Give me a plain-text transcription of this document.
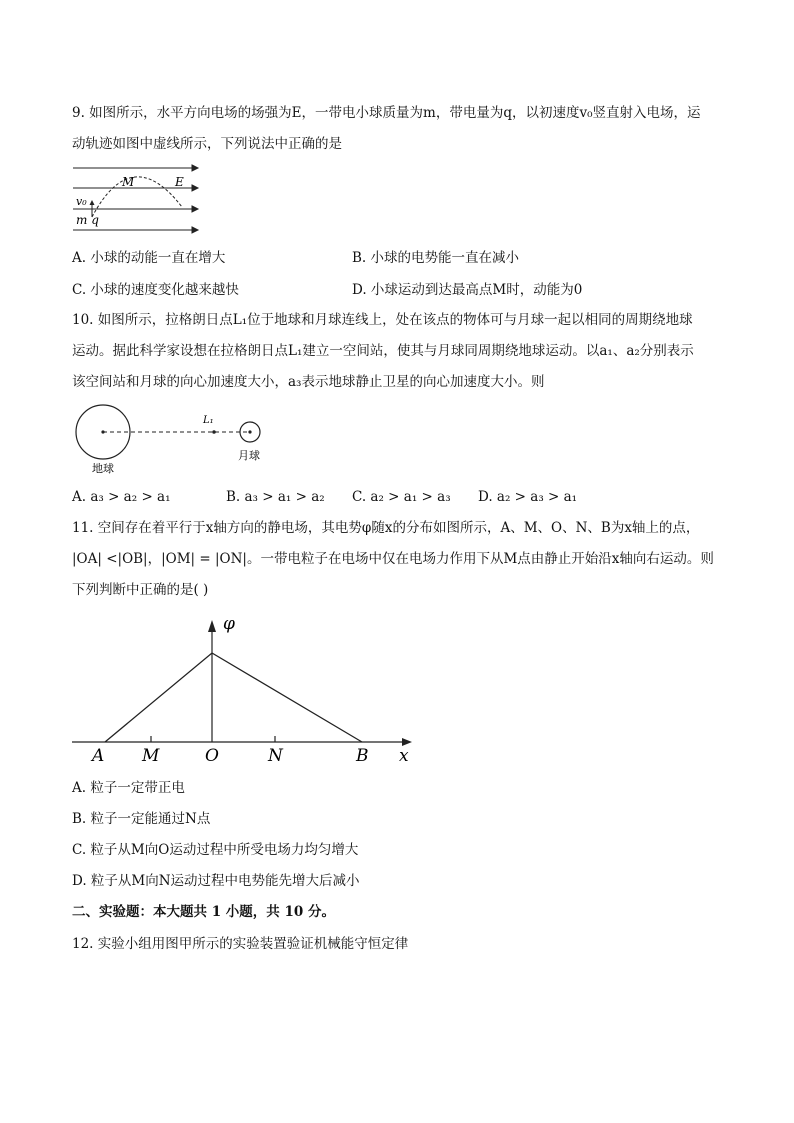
9. 如图所示，水平方向电场的场强为E，一带电小球质量为m，带电量为q，以初速度v₀竖直射入电场，运
动轨迹如图中虚线所示，下列说法中正确的是
M	E
v₀
m q
A. 小球的动能一直在增大	B. 小球的电势能一直在减小
C. 小球的速度变化越来越快	D. 小球运动到达最高点M时，动能为0
10. 如图所示，拉格朗日点L₁位于地球和月球连线上，处在该点的物体可与月球一起以相同的周期绕地球
运动。据此科学家设想在拉格朗日点L₁建立一空间站，使其与月球同周期绕地球运动。以a₁、a₂分别表示
该空间站和月球的向心加速度大小，a₃表示地球静止卫星的向心加速度大小。则
L₁
地球
月球
A. a₃ > a₂ > a₁	B. a₃ > a₁ > a₂ C. a₂ > a₁ > a₃ D. a₂ > a₃ > a₁
11. 空间存在着平行于x轴方向的静电场，其电势φ随x的分布如图所示，A、M、O、N、B为x轴上的点，
|OA| <|OB|，|OM| = |ON|。一带电粒子在电场中仅在电场力作用下从M点由静止开始沿x轴向右运动。则
下列判断中正确的是( )
φ
x
A M	O	N	B
A. 粒子一定带正电
B. 粒子一定能通过N点
C. 粒子从M向O运动过程中所受电场力均匀增大
D. 粒子从M向N运动过程中电势能先增大后减小
二、实验题：本大题共 1 小题，共 10 分。
12. 实验小组用图甲所示的实验装置验证机械能守恒定律
